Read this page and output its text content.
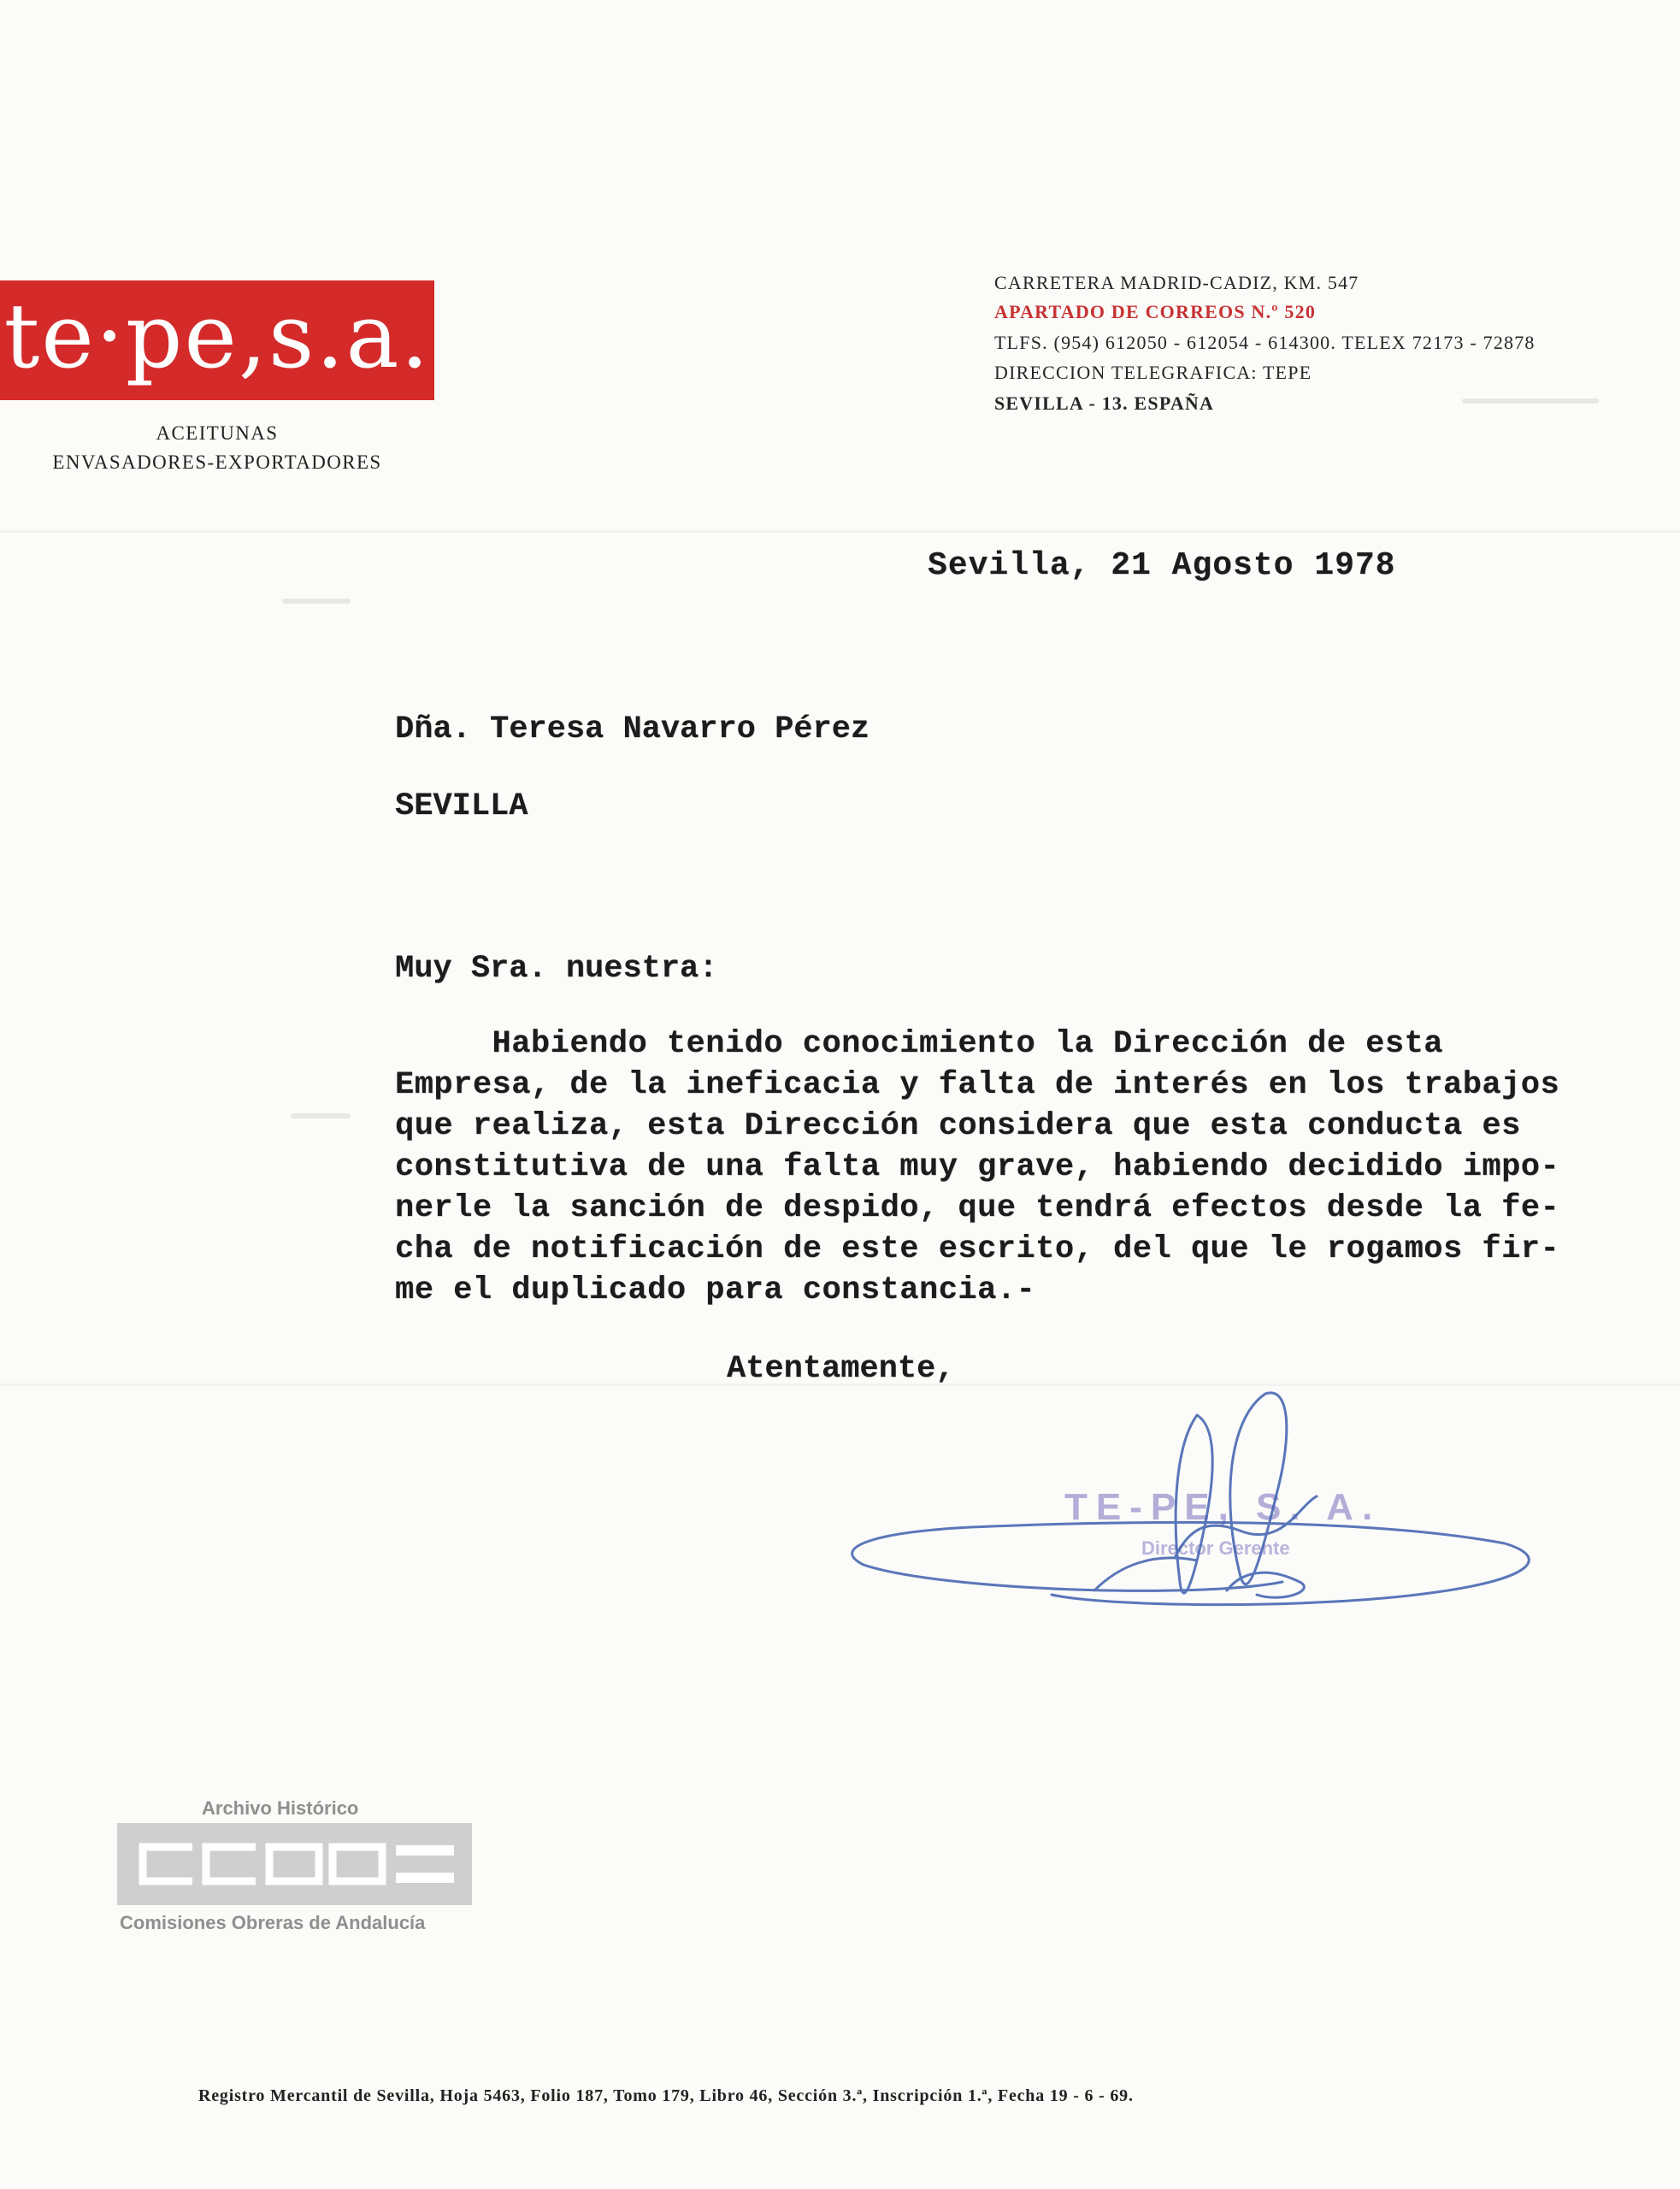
te·pe,s.a.
ACEITUNAS
ENVASADORES-EXPORTADORES
CARRETERA MADRID-CADIZ, KM. 547
APARTADO DE CORREOS N.º 520
TLFS. (954) 612050 - 612054 - 614300. TELEX 72173 - 72878
DIRECCION TELEGRAFICA: TEPE
SEVILLA - 13. ESPAÑA
Sevilla, 21 Agosto 1978
Dña. Teresa Navarro Pérez
SEVILLA
Muy Sra. nuestra:
Habiendo tenido conocimiento la Dirección de esta
Empresa, de la ineficacia y falta de interés en los trabajos
que realiza, esta Dirección considera que esta conducta es
constitutiva de una falta muy grave, habiendo decidido impo-
nerle la sanción de despido, que tendrá efectos desde la fe-
cha de notificación de este escrito, del que le rogamos fir-
me el duplicado para constancia.-
Atentamente,
TE-PE, S. A.
Director Gerente
Archivo Histórico
Comisiones Obreras de Andalucía
Registro Mercantil de Sevilla, Hoja 5463, Folio 187, Tomo 179, Libro 46, Sección 3.ª, Inscripción 1.ª, Fecha 19 - 6 - 69.
